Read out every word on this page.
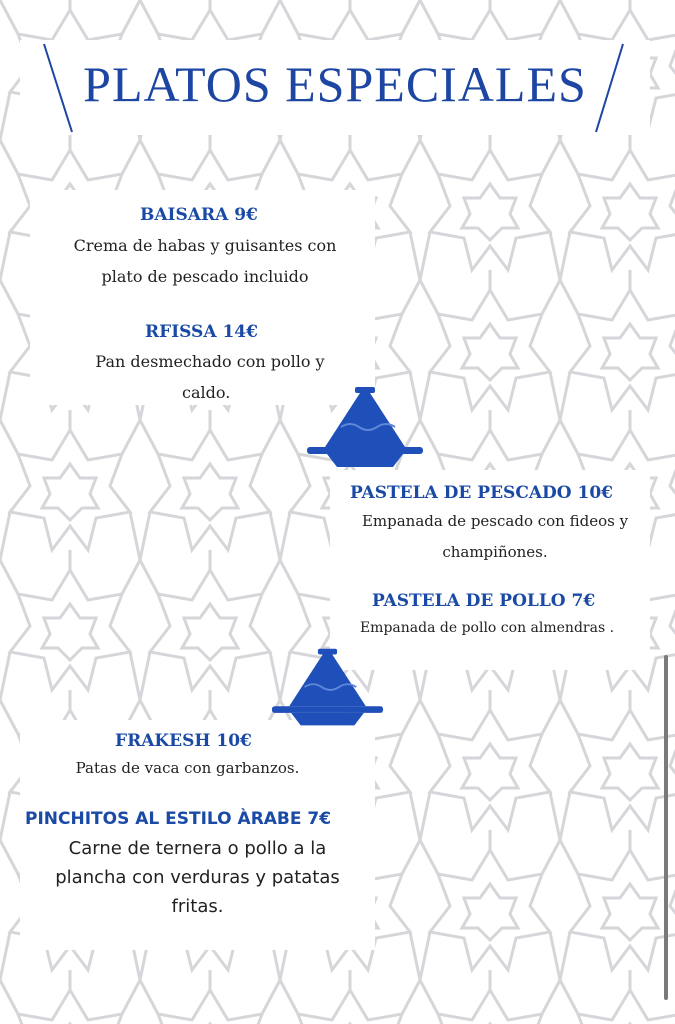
PLATOS ESPECIALES
BAISARA 9€
Crema de habas y guisantes con
plato de pescado incluido
RFISSA 14€
Pan desmechado con pollo y
caldo.
PASTELA DE PESCADO 10€
Empanada de pescado con fideos y
champiñones.
PASTELA DE POLLO 7€
Empanada de pollo con almendras .
FRAKESH 10€
Patas de vaca con garbanzos.
PINCHITOS AL ESTILO ÀRABE 7€
Carne de ternera o pollo a la
plancha con verduras y patatas
fritas.
